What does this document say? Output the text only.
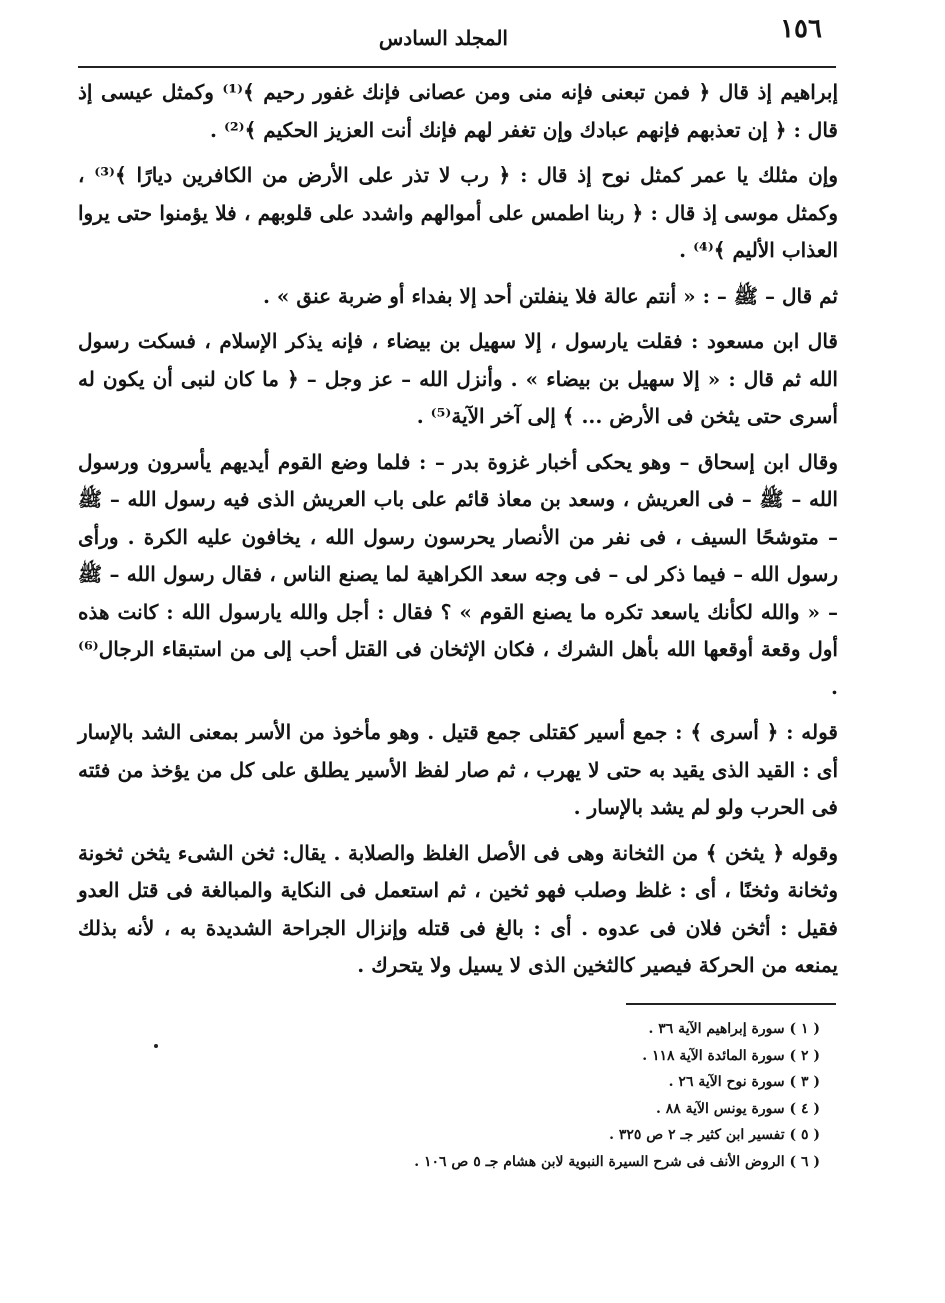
١٥٦
المجلد السادس

إبراهيم إذ قال ﴿ فمن تبعنى فإنه منى ومن عصانى فإنك غفور رحيم ﴾⁽¹⁾ وكمثل عيسى إذ قال : ﴿ إن تعذبهم فإنهم عبادك وإن تغفر لهم فإنك أنت العزيز الحكيم ﴾⁽²⁾ .

وإن مثلك يا عمر كمثل نوح إذ قال : ﴿ رب لا تذر على الأرض من الكافرين ديارًا ﴾⁽³⁾ ، وكمثل موسى إذ قال : ﴿ ربنا اطمس على أموالهم واشدد على قلوبهم ، فلا يؤمنوا حتى يروا العذاب الأليم ﴾⁽⁴⁾ .

ثم قال – ﷺ – : « أنتم عالة فلا ينفلتن أحد إلا بفداء أو ضربة عنق » .

قال ابن مسعود : فقلت يارسول ، إلا سهيل بن بيضاء ، فإنه يذكر الإسلام ، فسكت رسول الله ثم قال : « إلا سهيل بن بيضاء » . وأنزل الله – عز وجل – ﴿ ما كان لنبى أن يكون له أسرى حتى يثخن فى الأرض ... ﴾ إلى آخر الآية⁽⁵⁾ .

وقال ابن إسحاق – وهو يحكى أخبار غزوة بدر – : فلما وضع القوم أيديهم يأسرون ورسول الله – ﷺ – فى العريش ، وسعد بن معاذ قائم على باب العريش الذى فيه رسول الله – ﷺ – متوشحًا السيف ، فى نفر من الأنصار يحرسون رسول الله ، يخافون عليه الكرة . ورأى رسول الله – فيما ذكر لى – فى وجه سعد الكراهية لما يصنع الناس ، فقال رسول الله – ﷺ – « والله لكأنك ياسعد تكره ما يصنع القوم » ؟ فقال : أجل والله يارسول الله : كانت هذه أول وقعة أوقعها الله بأهل الشرك ، فكان الإثخان فى القتل أحب إلى من استبقاء الرجال⁽⁶⁾ .

قوله : ﴿ أسرى ﴾ : جمع أسير كقتلى جمع قتيل . وهو مأخوذ من الأسر بمعنى الشد بالإسار أى : القيد الذى يقيد به حتى لا يهرب ، ثم صار لفظ الأسير يطلق على كل من يؤخذ من فئته فى الحرب ولو لم يشد بالإسار .

وقوله ﴿ يثخن ﴾ من الثخانة وهى فى الأصل الغلظ والصلابة . يقال: ثخن الشىء يثخن ثخونة وثخانة وثخنًا ، أى : غلظ وصلب فهو ثخين ، ثم استعمل فى النكاية والمبالغة فى قتل العدو فقيل : أثخن فلان فى عدوه . أى : بالغ فى قتله وإنزال الجراحة الشديدة به ، لأنه بذلك يمنعه من الحركة فيصير كالثخين الذى لا يسيل ولا يتحرك .

( ١ ) سورة إبراهيم الآية ٣٦ .
( ٢ ) سورة المائدة الآية ١١٨ .
( ٣ ) سورة نوح الآية ٢٦ .
( ٤ ) سورة يونس الآية ٨٨ .
( ٥ ) تفسير ابن كثير جـ ٢ ص ٣٢٥ .
( ٦ ) الروض الأنف فى شرح السيرة النبوية لابن هشام جـ ٥ ص ١٠٦ .
